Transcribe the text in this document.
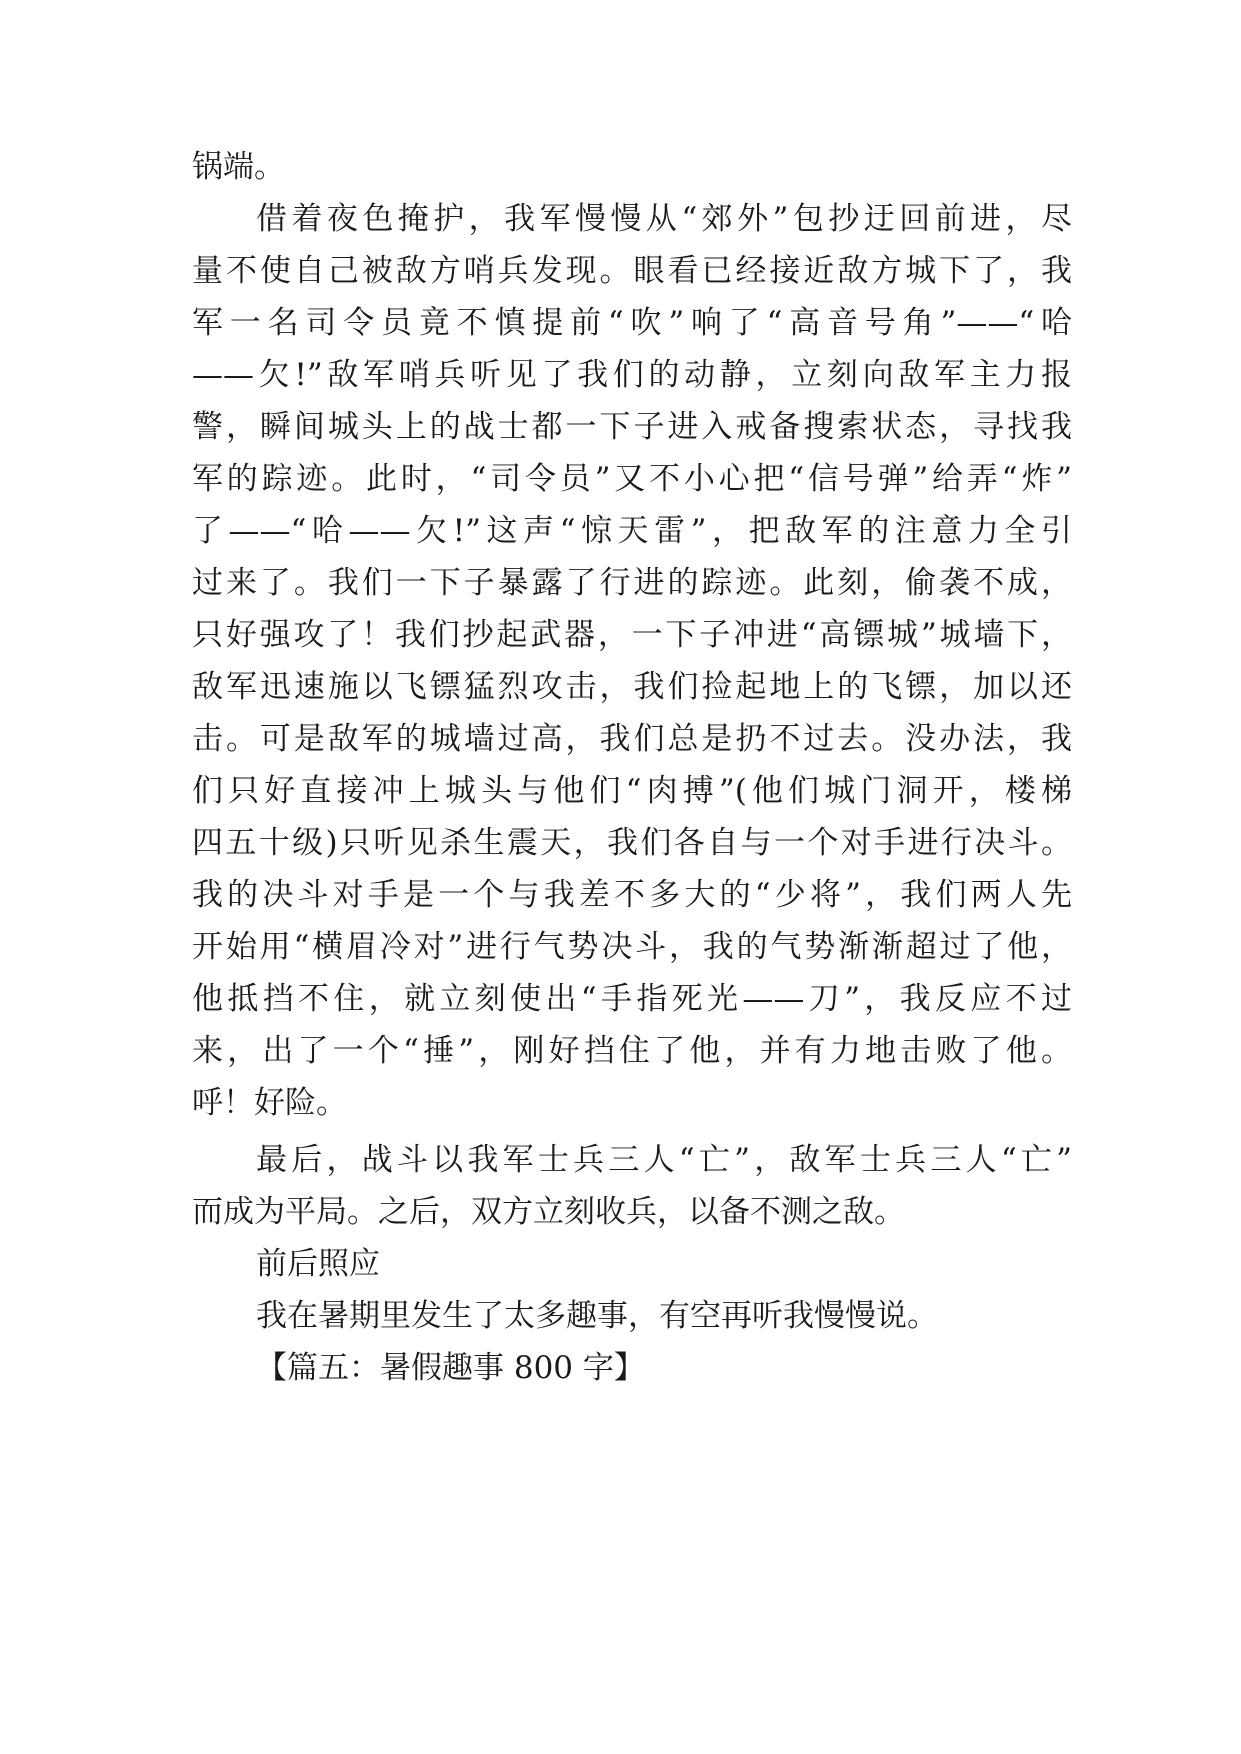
锅端。
借着夜色掩护，我军慢慢从“郊外”包抄迂回前进，尽
量不使自己被敌方哨兵发现。眼看已经接近敌方城下了，我
军一名司令员竟不慎提前“吹”响了“高音号角”——“哈
——欠!”敌军哨兵听见了我们的动静，立刻向敌军主力报
警，瞬间城头上的战士都一下子进入戒备搜索状态，寻找我
军的踪迹。此时，“司令员”又不小心把“信号弹”给弄“炸”
了——“哈——欠!”这声“惊天雷”，把敌军的注意力全引
过来了。我们一下子暴露了行进的踪迹。此刻，偷袭不成，
只好强攻了！我们抄起武器，一下子冲进“高镖城”城墙下，
敌军迅速施以飞镖猛烈攻击，我们捡起地上的飞镖，加以还
击。可是敌军的城墙过高，我们总是扔不过去。没办法，我
们只好直接冲上城头与他们“肉搏”(他们城门洞开，楼梯
四五十级)只听见杀生震天，我们各自与一个对手进行决斗。
我的决斗对手是一个与我差不多大的“少将”，我们两人先
开始用“横眉冷对”进行气势决斗，我的气势渐渐超过了他，
他抵挡不住，就立刻使出“手指死光——刀”，我反应不过
来，出了一个“捶”，刚好挡住了他，并有力地击败了他。
呼！好险。
最后，战斗以我军士兵三人“亡”，敌军士兵三人“亡”
而成为平局。之后，双方立刻收兵，以备不测之敌。
前后照应
我在暑期里发生了太多趣事，有空再听我慢慢说。
【篇五：暑假趣事 800 字】
